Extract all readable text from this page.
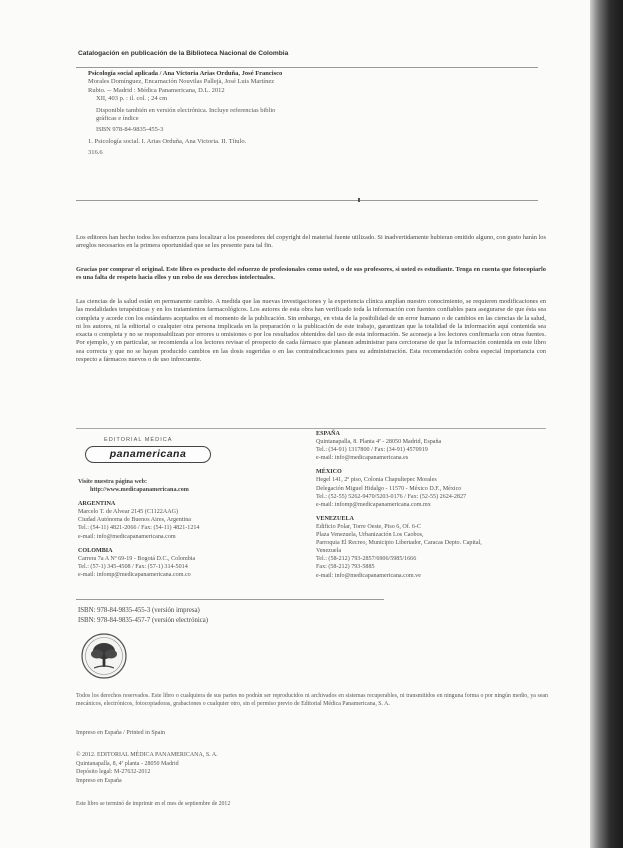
Catalogación en publicación de la Biblioteca Nacional de Colombia

Psicología social aplicada / Ana Victoria Arias Orduña, José Francisco

Morales Domínguez, Encarnación Nouvilas Pallejà, José Luis Martínez

Rubio. -- Madrid : Médica Panamericana, D.L. 2012

XII, 403 p. : il. col. ; 24 cm

Disponible también en versión electrónica. Incluye referencias biblio

gráficas e índice

ISBN 978-84-9835-455-3

1. Psicología social. I. Arias Orduña, Ana Victoria. II. Título.

316.6

Los editores han hecho todos los esfuerzos para localizar a los poseedores del copyright del material fuente utilizado. Si inadvertidamente hubieran omitido alguno, con gusto harán los arreglos necesarios en la primera oportunidad que se les presente para tal fin.

Gracias por comprar el original. Este libro es producto del esfuerzo de profesionales como usted, o de sus profesores, si usted es estudiante. Tenga en cuenta que fotocopiarlo es una falta de respeto hacia ellos y un robo de sus derechos intelectuales.

Las ciencias de la salud están en permanente cambio. A medida que las nuevas investigaciones y la experiencia clínica amplían nuestro conocimiento, se requieren modificaciones en las modalidades terapéuticas y en los tratamientos farmacológicos. Los autores de esta obra han verificado toda la información con fuentes confiables para asegurarse de que ésta sea completa y acorde con los estándares aceptados en el momento de la publicación. Sin embargo, en vista de la posibilidad de un error humano o de cambios en las ciencias de la salud, ni los autores, ni la editorial o cualquier otra persona implicada en la preparación o la publicación de este trabajo, garantizan que la totalidad de la información aquí contenida sea exacta o completa y no se responsabilizan por errores u omisiones o por los resultados obtenidos del uso de esta información. Se aconseja a los lectores confirmarla con otras fuentes. Por ejemplo, y en particular, se recomienda a los lectores revisar el prospecto de cada fármaco que planean administrar para cerciorarse de que la información contenida en este libro sea correcta y que no se hayan producido cambios en las dosis sugeridas o en las contraindicaciones para su administración. Esta recomendación cobra especial importancia con respecto a fármacos nuevos o de uso infrecuente.

EDITORIAL MÉDICA
panamericana

Visite nuestra página web:

http://www.medicapanamericana.com

ARGENTINA

Marcelo T. de Alvear 2145 (C1122AAG)

Ciudad Autónoma de Buenos Aires, Argentina

Tel.: (54-11) 4821-2066 / Fax: (54-11) 4821-1214

e-mail: info@medicapanamericana.com

COLOMBIA

Carrera 7a A Nº 69-19 - Bogotá D.C., Colombia

Tel.: (57-1) 345-4508 / Fax: (57-1) 314-5014

e-mail: infomp@medicapanamericana.com.co

ESPAÑA

Quintanapalla, 8. Planta 4ª - 28050 Madrid, España

Tel.: (34-91) 1317800 / Fax: (34-91) 4570919

e-mail: info@medicapanamericana.es

MÉXICO

Hegel 141, 2º piso, Colonia Chapultepec Morales

Delegación Miguel Hidalgo - 11570 - México D.F., México

Tel.: (52-55) 5262-9470/5203-0176 / Fax: (52-55) 2624-2827

e-mail: infomp@medicapanamericana.com.mx

VENEZUELA

Edificio Polar, Torre Oeste, Piso 6, Of. 6-C

Plaza Venezuela, Urbanización Los Caobos,

Parroquia El Recreo, Municipio Libertador, Caracas Depto. Capital,

Venezuela

Tel.: (58-212) 793-2857/6906/5985/1666

Fax: (58-212) 793-5885

e-mail: info@medicapanamericana.com.ve

ISBN: 978-84-9835-455-3 (versión impresa)

ISBN: 978-84-9835-457-7 (versión electrónica)

Todos los derechos reservados. Este libro o cualquiera de sus partes no podrán ser reproducidos ni archivados en sistemas recuperables, ni transmitidos en ninguna forma o por ningún medio, ya sean mecánicos, electrónicos, fotocopiadoras, grabaciones o cualquier otro, sin el permiso previo de Editorial Médica Panamericana, S. A.

Impreso en España / Printed in Spain

© 2012. EDITORIAL MÉDICA PANAMERICANA, S. A.

Quintanapalla, 8, 4ª planta - 28050 Madrid

Depósito legal: M-27632-2012

Impreso en España

Este libro se terminó de imprimir en el mes de septiembre de 2012
